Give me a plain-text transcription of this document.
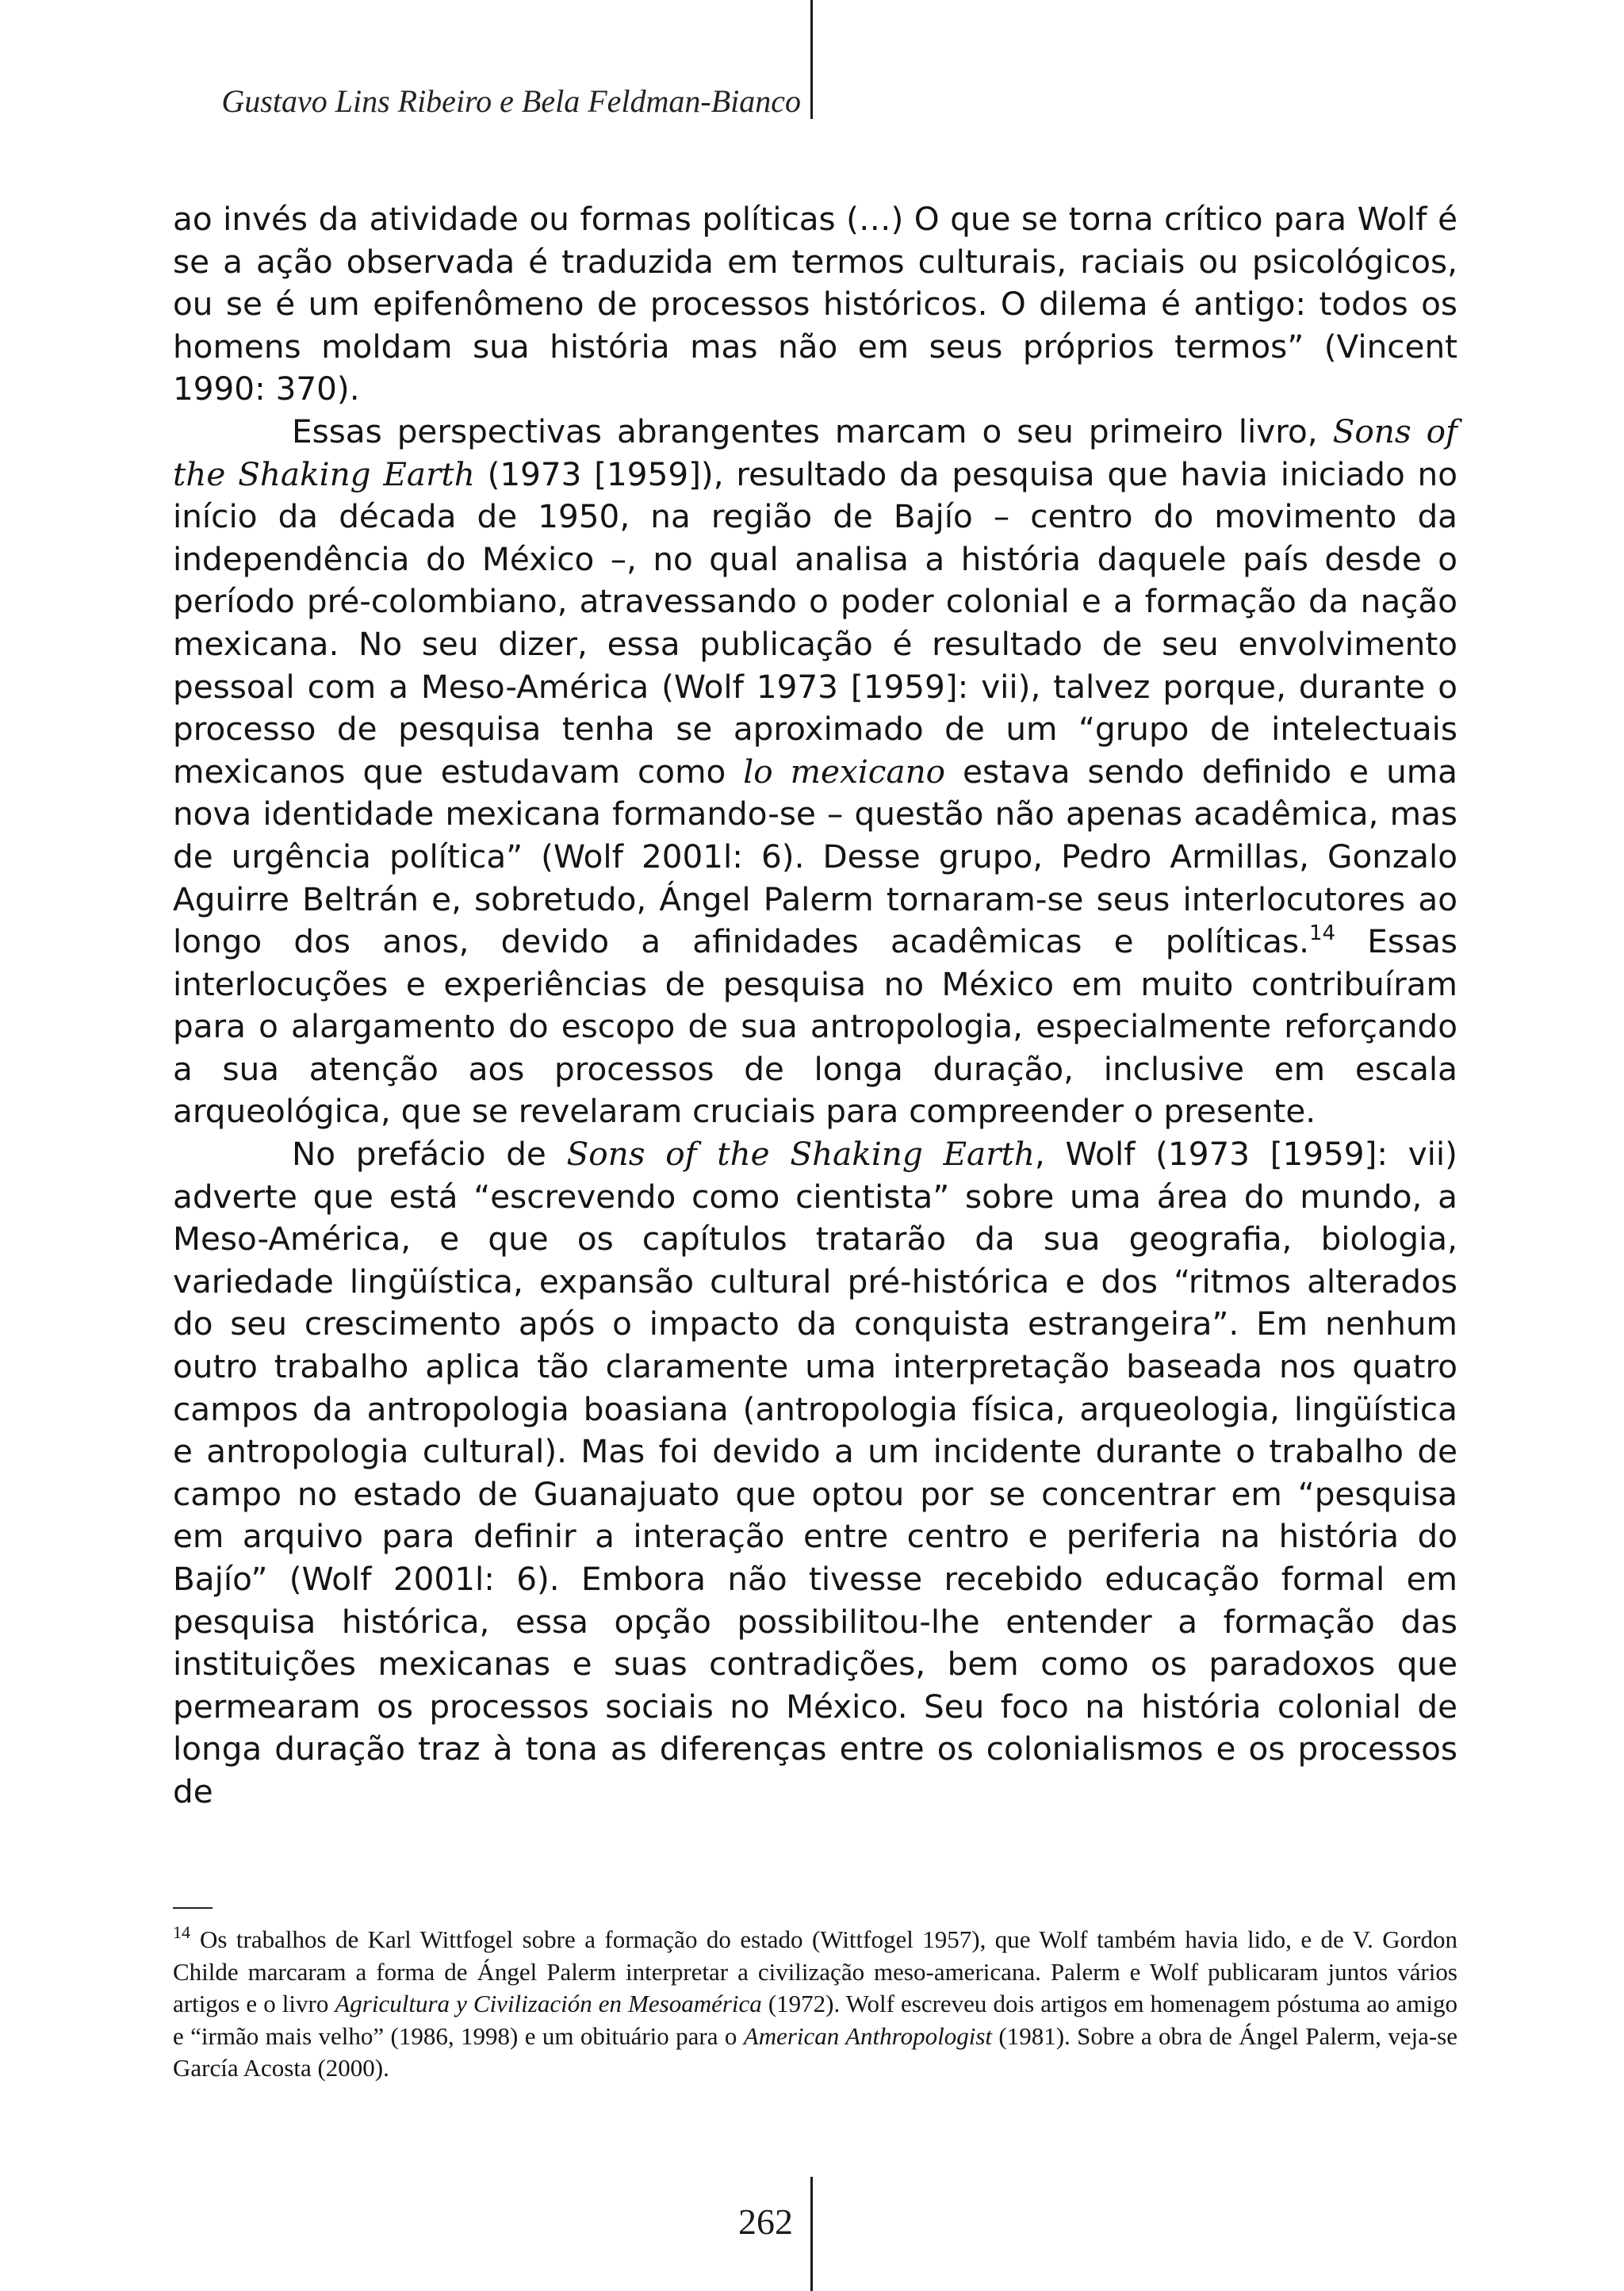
Gustavo Lins Ribeiro e Bela Feldman-Bianco

ao invés da atividade ou formas políticas (…) O que se torna crítico para Wolf é se a ação observada é traduzida em termos culturais, raciais ou psicológicos, ou se é um epifenômeno de processos históricos. O dilema é antigo: todos os homens moldam sua história mas não em seus próprios termos” (Vincent 1990: 370).

Essas perspectivas abrangentes marcam o seu primeiro livro, Sons of the Shaking Earth (1973 [1959]), resultado da pesquisa que havia iniciado no início da década de 1950, na região de Bajío – centro do movimento da independência do México –, no qual analisa a história daquele país desde o período pré-colombiano, atravessando o poder colonial e a formação da nação mexicana. No seu dizer, essa publicação é resultado de seu envolvimento pessoal com a Meso-América (Wolf 1973 [1959]: vii), talvez porque, durante o processo de pesquisa tenha se aproximado de um “grupo de intelectuais mexicanos que estudavam como lo mexicano estava sendo definido e uma nova identidade mexicana formando-se – questão não apenas acadêmica, mas de urgência política” (Wolf 2001l: 6). Desse grupo, Pedro Armillas, Gonzalo Aguirre Beltrán e, sobretudo, Ángel Palerm tornaram-se seus interlocutores ao longo dos anos, devido a afinidades acadêmicas e políticas.$^{14}$ Essas interlocuções e experiências de pesquisa no México em muito contribuíram para o alargamento do escopo de sua antropologia, especialmente reforçando a sua atenção aos processos de longa duração, inclusive em escala arqueológica, que se revelaram cruciais para compreender o presente.

No prefácio de Sons of the Shaking Earth, Wolf (1973 [1959]: vii) adverte que está “escrevendo como cientista” sobre uma área do mundo, a Meso-América, e que os capítulos tratarão da sua geografia, biologia, variedade lingüística, expansão cultural pré-histórica e dos “ritmos alterados do seu crescimento após o impacto da conquista estrangeira”. Em nenhum outro trabalho aplica tão claramente uma interpretação baseada nos quatro campos da antropologia boasiana (antropologia física, arqueologia, lingüística e antropologia cultural). Mas foi devido a um incidente durante o trabalho de campo no estado de Guanajuato que optou por se concentrar em “pesquisa em arquivo para definir a interação entre centro e periferia na história do Bajío” (Wolf 2001l: 6). Embora não tivesse recebido educação formal em pesquisa histórica, essa opção possibilitou-lhe entender a formação das instituições mexicanas e suas contradições, bem como os paradoxos que permearam os processos sociais no México. Seu foco na história colonial de longa duração traz à tona as diferenças entre os colonialismos e os processos de

$^{14}$ Os trabalhos de Karl Wittfogel sobre a formação do estado (Wittfogel 1957), que Wolf também havia lido, e de V. Gordon Childe marcaram a forma de Ángel Palerm interpretar a civilização meso-americana. Palerm e Wolf publicaram juntos vários artigos e o livro Agricultura y Civilización en Mesoamérica (1972). Wolf escreveu dois artigos em homenagem póstuma ao amigo e “irmão mais velho” (1986, 1998) e um obituário para o American Anthropologist (1981). Sobre a obra de Ángel Palerm, veja-se García Acosta (2000).
262
